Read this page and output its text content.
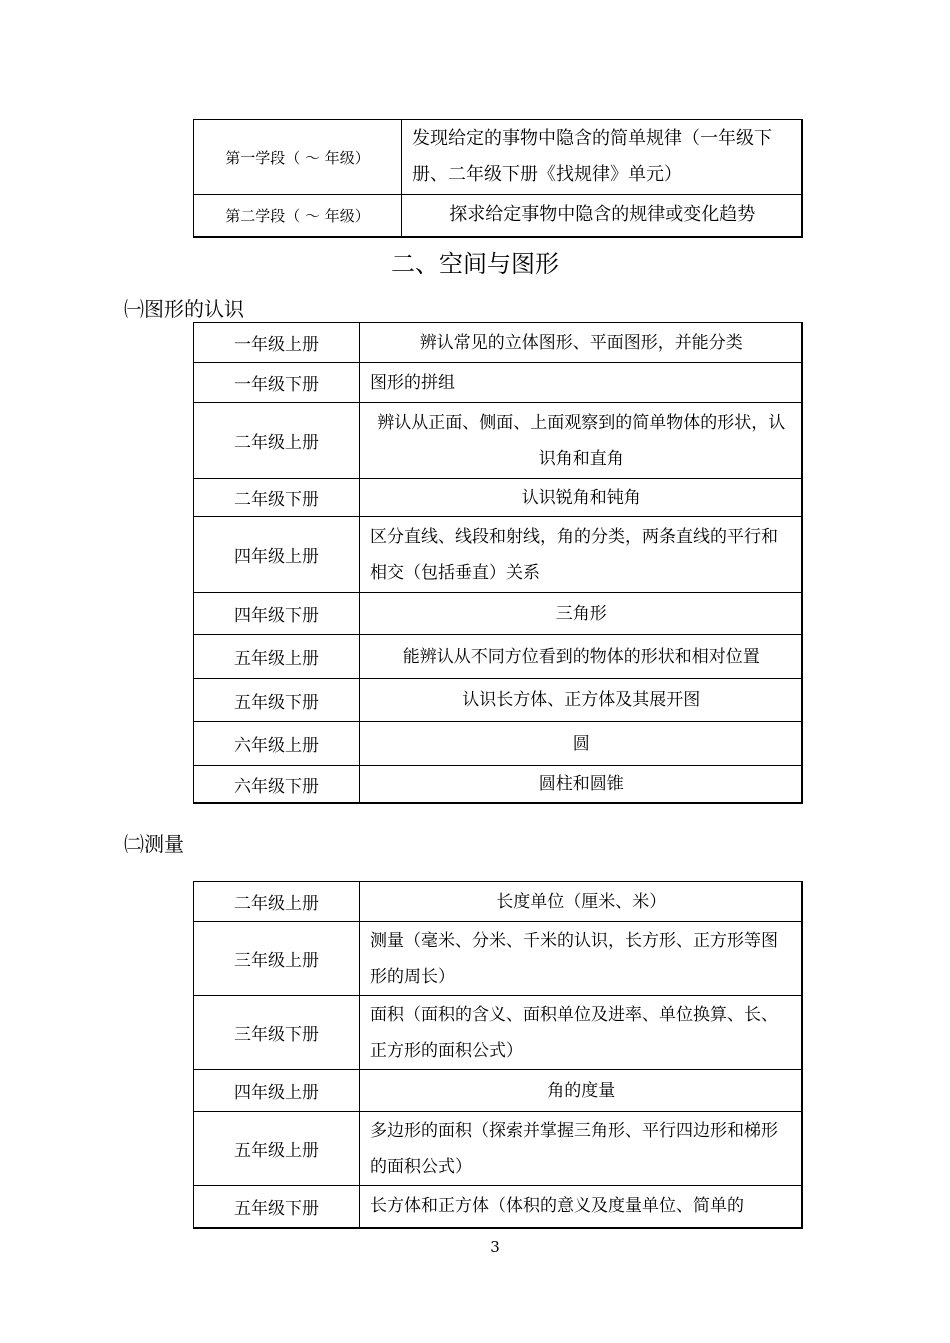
第一学段（ ～ 年级）	发现给定的事物中隐含的简单规律（一年级下册、二年级下册《找规律》单元）
第二学段（ ～ 年级）	探求给定事物中隐含的规律或变化趋势
二、空间与图形
㈠图形的认识
一年级上册	辨认常见的立体图形、平面图形，并能分类
一年级下册	图形的拼组
二年级上册	辨认从正面、侧面、上面观察到的简单物体的形状，认识角和直角
二年级下册	认识锐角和钝角
四年级上册	区分直线、线段和射线，角的分类，两条直线的平行和相交（包括垂直）关系
四年级下册	三角形
五年级上册	能辨认从不同方位看到的物体的形状和相对位置
五年级下册	认识长方体、正方体及其展开图
六年级上册	圆
六年级下册	圆柱和圆锥
㈡测量
二年级上册	长度单位（厘米、米）
三年级上册	测量（毫米、分米、千米的认识，长方形、正方形等图形的周长）
三年级下册	面积（面积的含义、面积单位及进率、单位换算、长、正方形的面积公式）
四年级上册	角的度量
五年级上册	多边形的面积（探索并掌握三角形、平行四边形和梯形的面积公式）
五年级下册	长方体和正方体（体积的意义及度量单位、简单的
3
